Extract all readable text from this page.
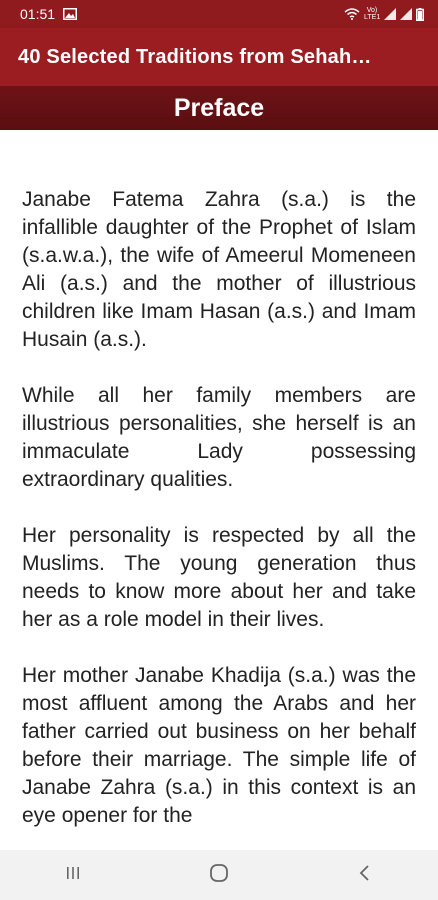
01:51	Vo) LTE1
40 Selected Traditions from Sehah…
Preface

Janabe Fatema Zahra (s.a.) is the infallible daughter of the Prophet of Islam (s.a.w.a.), the wife of Ameerul Momeneen Ali (a.s.) and the mother of illustrious children like Imam Hasan (a.s.) and Imam Husain (a.s.).

While all her family members are illustrious personalities, she herself is an immaculate Lady possessing extraordinary qualities.

Her personality is respected by all the Muslims. The young generation thus needs to know more about her and take her as a role model in their lives.

Her mother Janabe Khadija (s.a.) was the most affluent among the Arabs and her father carried out business on her behalf before their marriage. The simple life of Janabe Zahra (s.a.) in this context is an eye opener for the
